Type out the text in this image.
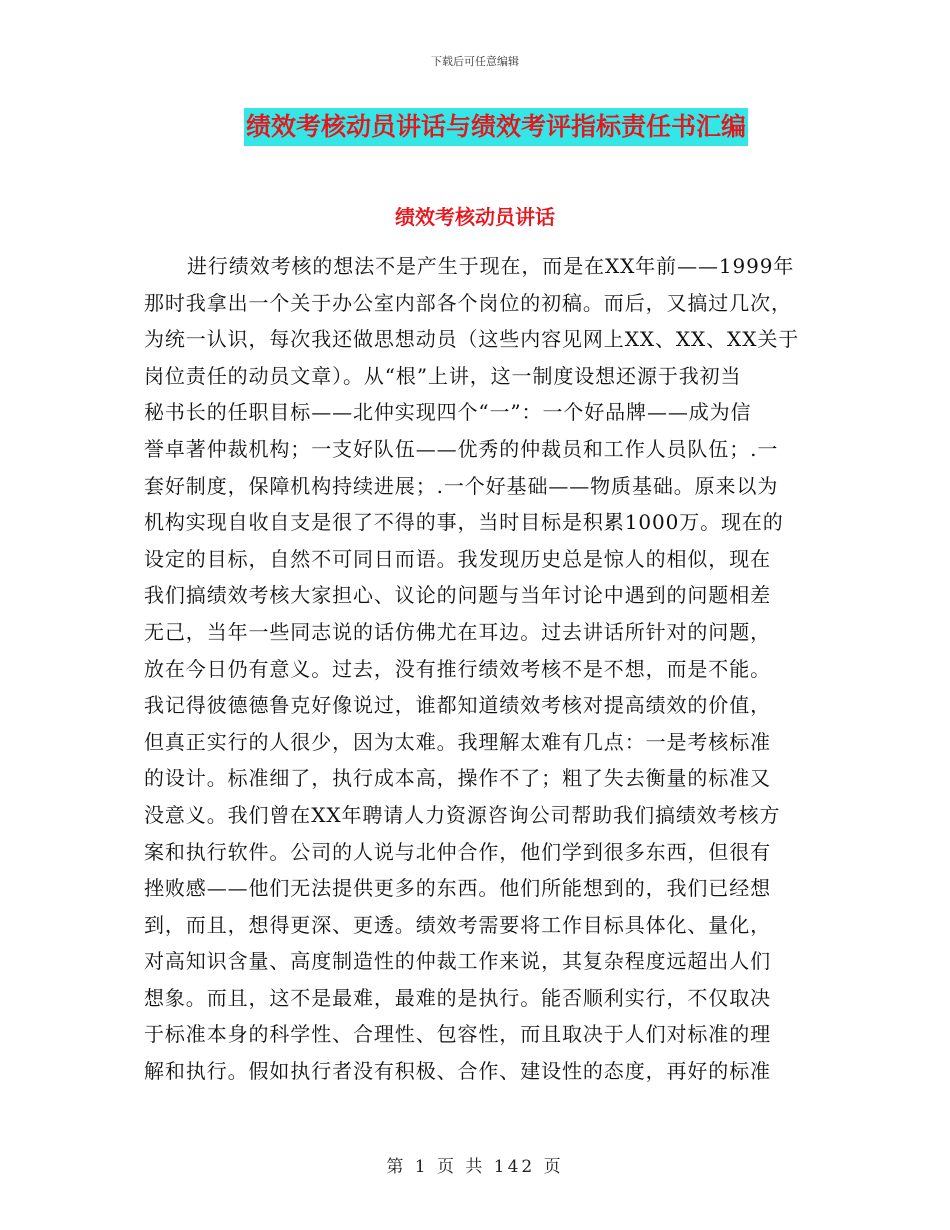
下载后可任意编辑
绩效考核动员讲话与绩效考评指标责任书汇编
绩效考核动员讲话
进行绩效考核的想法不是产生于现在，而是在XX年前——1999年
那时我拿出一个关于办公室内部各个岗位的初稿。而后，又搞过几次，
为统一认识，每次我还做思想动员（这些内容见网上XX、XX、XX关于
岗位责任的动员文章）。从“根”上讲，这一制度设想还源于我初当
秘书长的任职目标——北仲实现四个“一”：一个好品牌——成为信
誉卓著仲裁机构；一支好队伍——优秀的仲裁员和工作人员队伍；.一
套好制度，保障机构持续进展；.一个好基础——物质基础。原来以为
机构实现自收自支是很了不得的事，当时目标是积累1000万。现在的
设定的目标，自然不可同日而语。我发现历史总是惊人的相似，现在
我们搞绩效考核大家担心、议论的问题与当年讨论中遇到的问题相差
无己，当年一些同志说的话仿佛尤在耳边。过去讲话所针对的问题，
放在今日仍有意义。过去，没有推行绩效考核不是不想，而是不能。
我记得彼德德鲁克好像说过，谁都知道绩效考核对提高绩效的价值，
但真正实行的人很少，因为太难。我理解太难有几点：一是考核标准
的设计。标准细了，执行成本高，操作不了；粗了失去衡量的标准又
没意义。我们曾在XX年聘请人力资源咨询公司帮助我们搞绩效考核方
案和执行软件。公司的人说与北仲合作，他们学到很多东西，但很有
挫败感——他们无法提供更多的东西。他们所能想到的，我们已经想
到，而且，想得更深、更透。绩效考需要将工作目标具体化、量化，
对高知识含量、高度制造性的仲裁工作来说，其复杂程度远超出人们
想象。而且，这不是最难，最难的是执行。能否顺利实行，不仅取决
于标准本身的科学性、合理性、包容性，而且取决于人们对标准的理
解和执行。假如执行者没有积极、合作、建设性的态度，再好的标准
第 1 页 共 142 页
